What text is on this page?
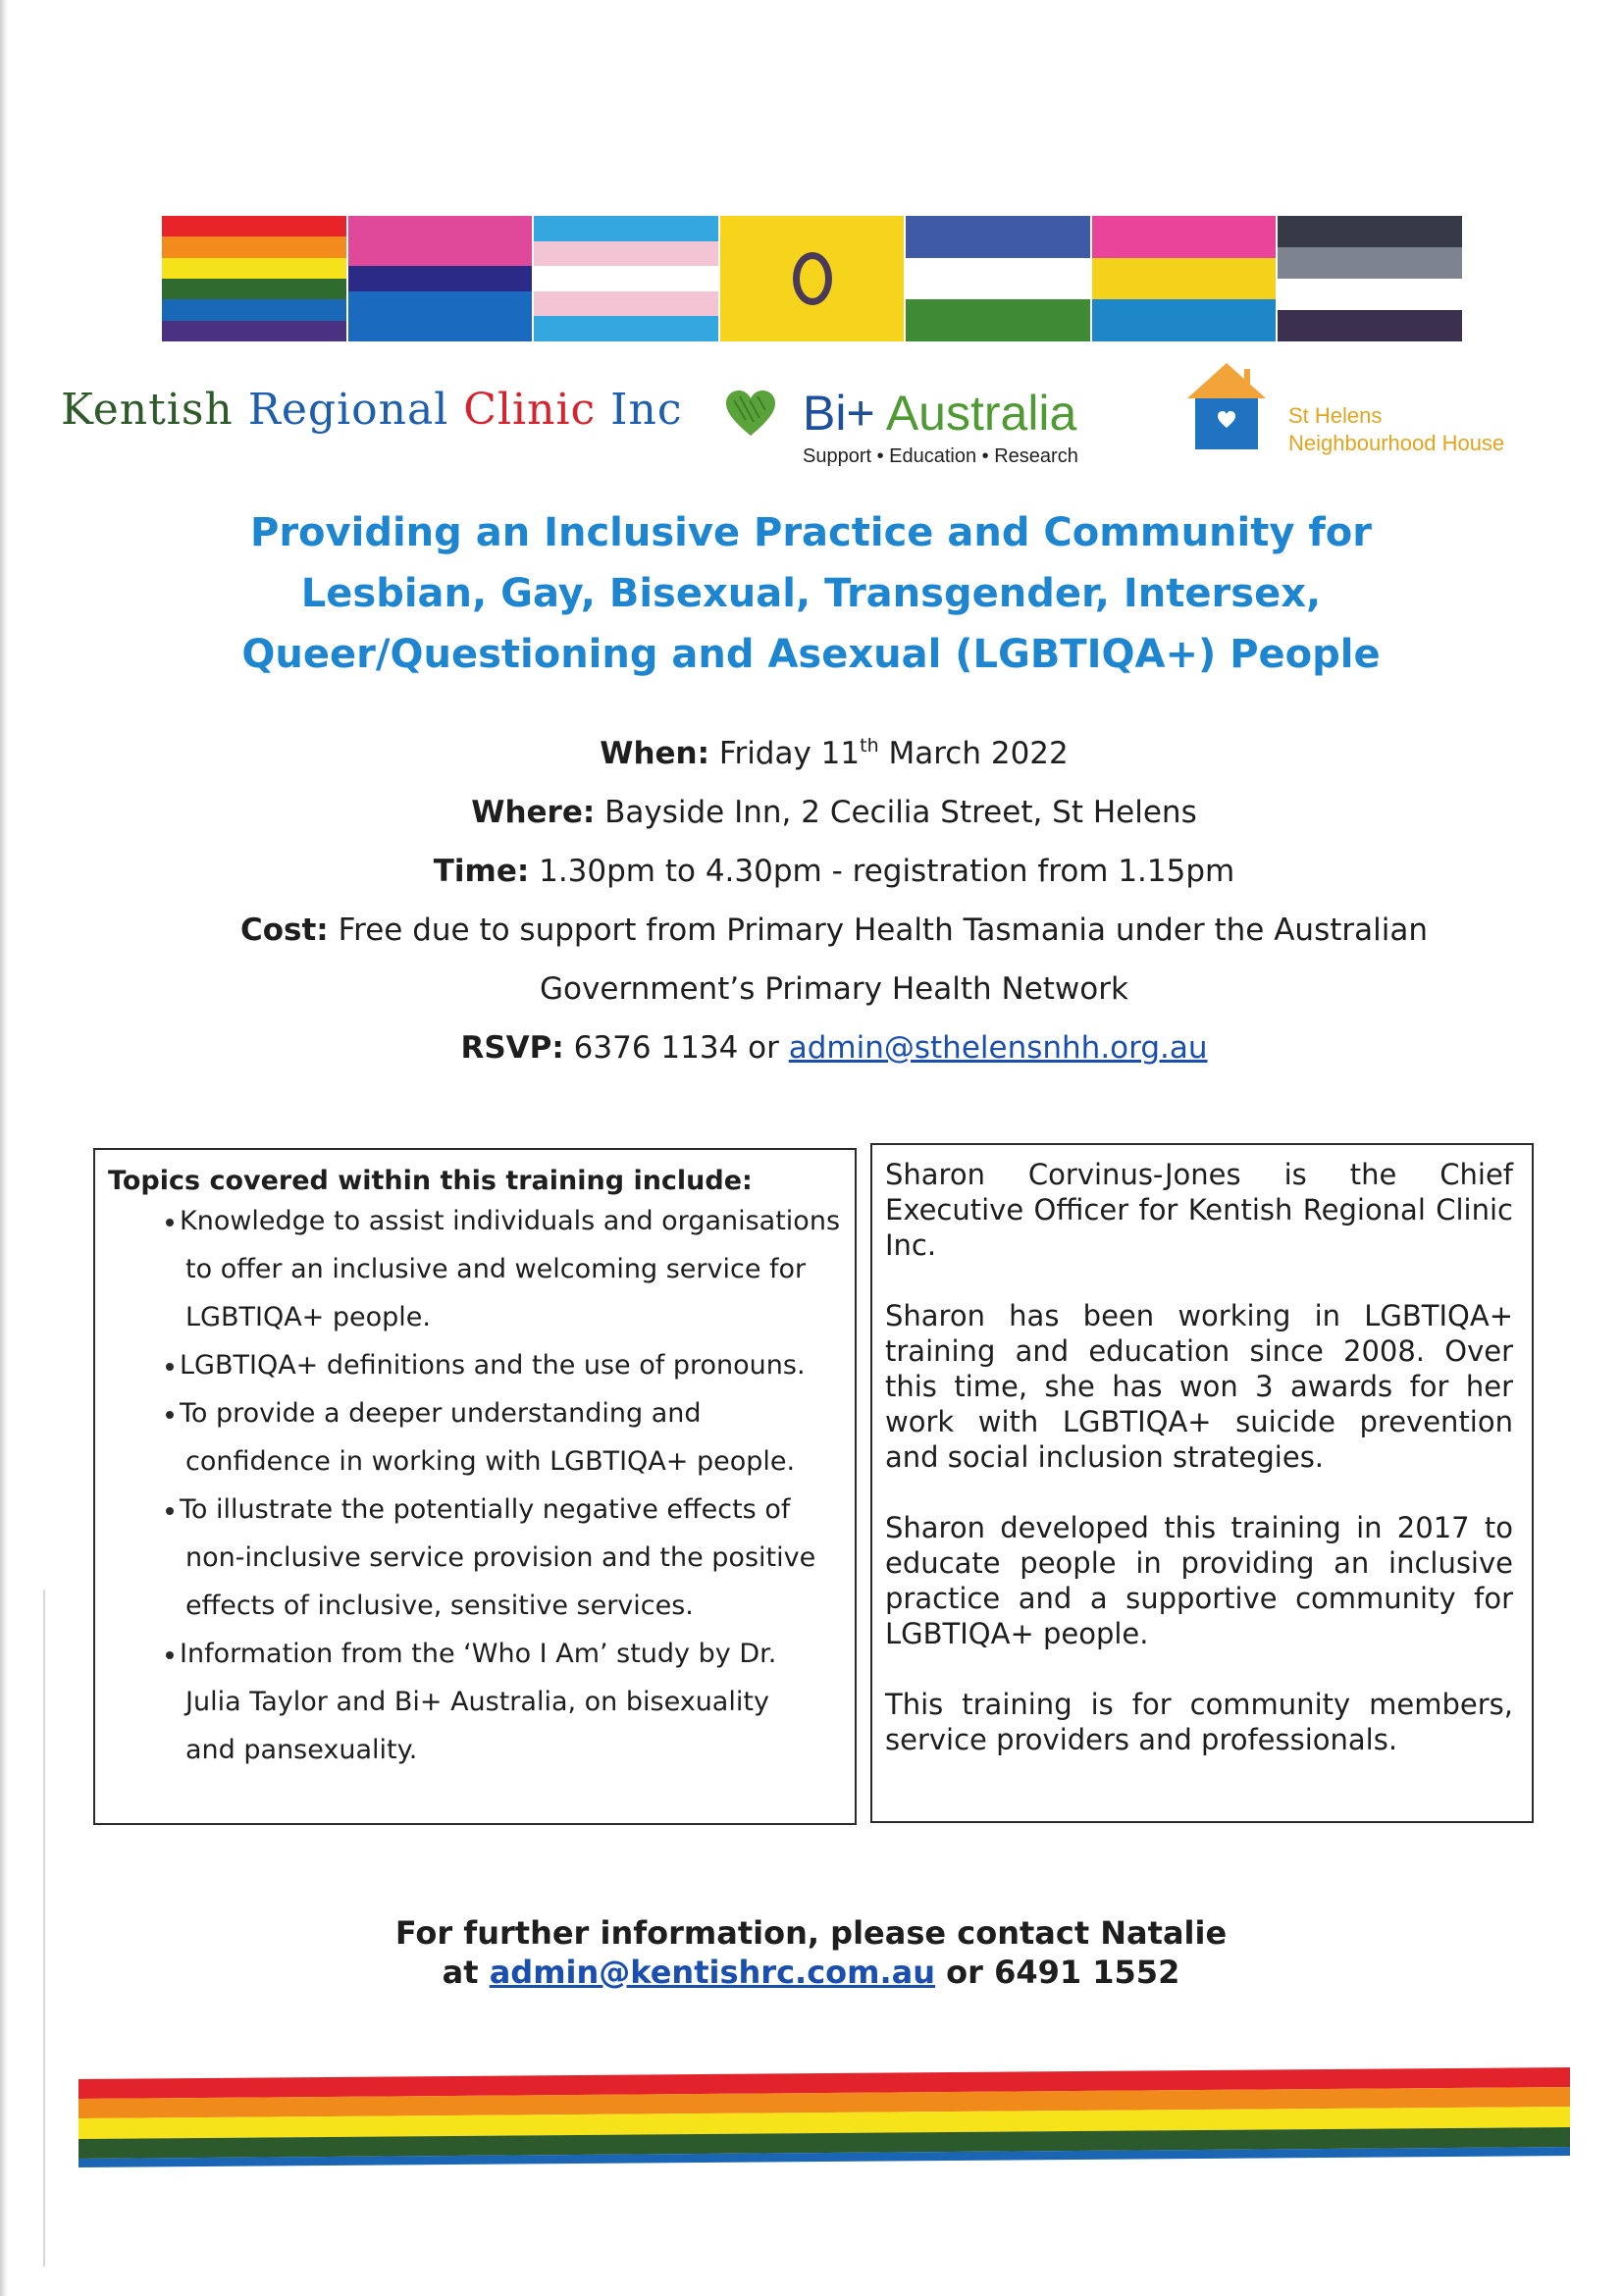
Kentish Regional Clinic Inc Bi+ Australia
Support • Education • Research
St Helens
Neighbourhood House
Providing an Inclusive Practice and Community for
Lesbian, Gay, Bisexual, Transgender, Intersex,
Queer/Questioning and Asexual (LGBTIQA+) People
When: Friday 11th March 2022
Where: Bayside Inn, 2 Cecilia Street, St Helens
Time: 1.30pm to 4.30pm - registration from 1.15pm
Cost: Free due to support from Primary Health Tasmania under the Australian
Government’s Primary Health Network
RSVP: 6376 1134 or admin@sthelensnhh.org.au
Topics covered within this training include:
Knowledge to assist individuals and organisations
to offer an inclusive and welcoming service for
LGBTIQA+ people.
LGBTIQA+ definitions and the use of pronouns.
To provide a deeper understanding and
confidence in working with LGBTIQA+ people.
To illustrate the potentially negative effects of
non-inclusive service provision and the positive
effects of inclusive, sensitive services.
Information from the ‘Who I Am’ study by Dr.
Julia Taylor and Bi+ Australia, on bisexuality
and pansexuality.

Sharon Corvinus-Jones is the Chief Executive Officer for Kentish Regional Clinic Inc.

Sharon has been working in LGBTIQA+ training and education since 2008. Over this time, she has won 3 awards for her work with LGBTIQA+ suicide prevention and social inclusion strategies.

Sharon developed this training in 2017 to educate people in providing an inclusive practice and a supportive community for LGBTIQA+ people.

This training is for community members, service providers and professionals.

For further information, please contact Natalie
at admin@kentishrc.com.au or 6491 1552
